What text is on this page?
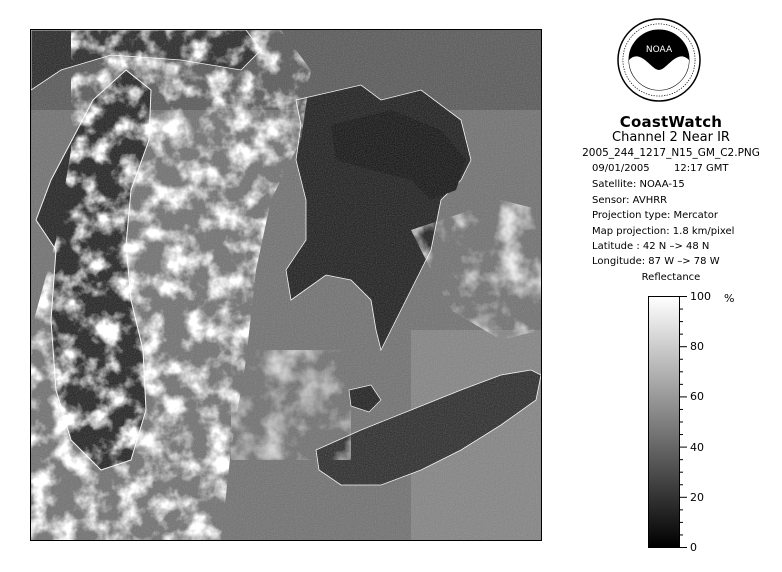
NOAA
CoastWatch
Channel 2 Near IR
2005_244_1217_N15_GM_C2.PNG
09/01/2005 12:17 GMT
Satellite: NOAA-15
Sensor: AVHRR
Projection type: Mercator
Map projection: 1.8 km/pixel
Latitude : 42 N –> 48 N
Longitude: 87 W –> 78 W
Reflectance
100
80
60
40
20
0
%
